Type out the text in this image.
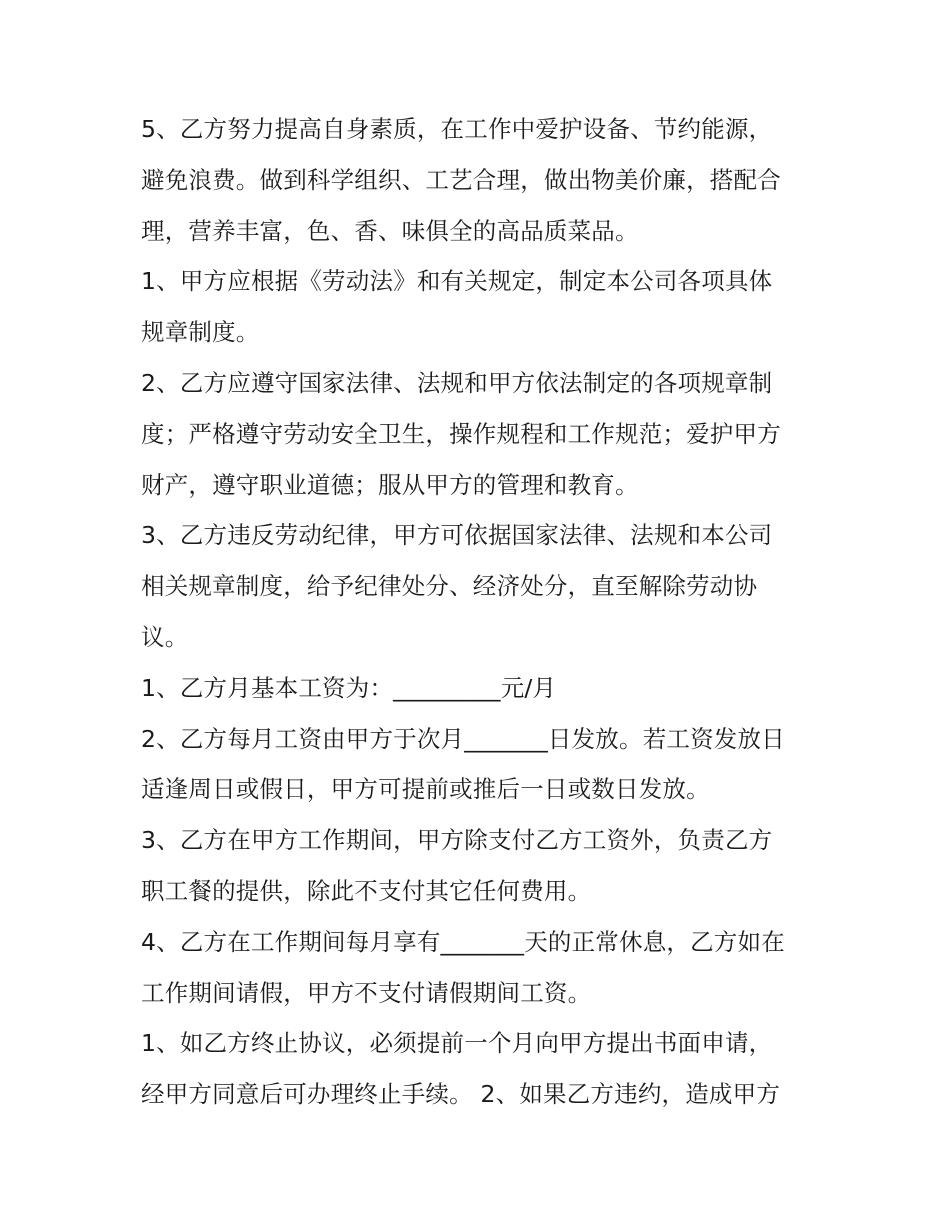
5、乙方努力提高自身素质，在工作中爱护设备、节约能源，

避免浪费。做到科学组织、工艺合理，做出物美价廉，搭配合

理，营养丰富，色、香、味俱全的高品质菜品。

1、甲方应根据《劳动法》和有关规定，制定本公司各项具体

规章制度。

2、乙方应遵守国家法律、法规和甲方依法制定的各项规章制

度；严格遵守劳动安全卫生，操作规程和工作规范；爱护甲方

财产，遵守职业道德；服从甲方的管理和教育。

3、乙方违反劳动纪律，甲方可依据国家法律、法规和本公司

相关规章制度，给予纪律处分、经济处分，直至解除劳动协

议。

1、乙方月基本工资为：_________元/月

2、乙方每月工资由甲方于次月_______日发放。若工资发放日

适逢周日或假日，甲方可提前或推后一日或数日发放。

3、乙方在甲方工作期间，甲方除支付乙方工资外，负责乙方

职工餐的提供，除此不支付其它任何费用。

4、乙方在工作期间每月享有_______天的正常休息，乙方如在

工作期间请假，甲方不支付请假期间工资。

1、如乙方终止协议，必须提前一个月向甲方提出书面申请，

经甲方同意后可办理终止手续。 2、如果乙方违约，造成甲方
